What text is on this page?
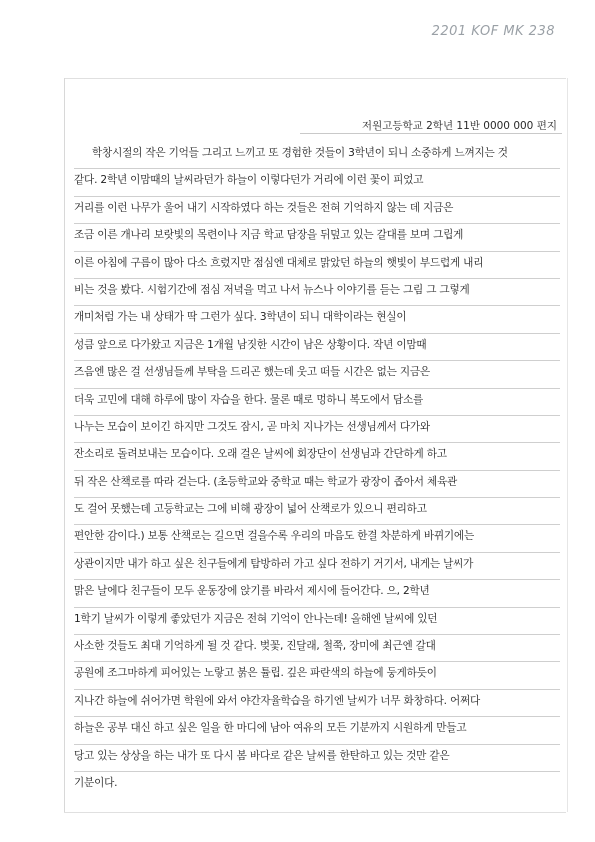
2201 KOF MK 238
저원고등학교 2학년 11반 0000 000 편지
학창시절의 작은 기억들 그리고 느끼고 또 경험한 것들이 3학년이 되니 소중하게 느껴지는 것
같다. 2학년 이맘때의 날씨라던가 하늘이 이렇다던가 거리에 이런 꽃이 피었고
거리를 이런 나무가 울어 내기 시작하였다 하는 것들은 전혀 기억하지 않는 데 지금은
조금 이른 개나리 보랏빛의 목련이나 지금 학교 담장을 뒤덮고 있는 갈대를 보며 그립게
이른 아침에 구름이 많아 다소 흐렸지만 점심엔 대체로 맑았던 하늘의 햇빛이 부드럽게 내리
비는 것을 봤다. 시험기간에 점심 저녁을 먹고 나서 뉴스나 이야기를 듣는 그림 그 그렇게
개미처럼 가는 내 상태가 딱 그런가 싶다. 3학년이 되니 대학이라는 현실이
성큼 앞으로 다가왔고 지금은 1개월 남짓한 시간이 남은 상황이다. 작년 이맘때
즈음엔 많은 걸 선생님들께 부탁을 드리곤 했는데 웃고 떠들 시간은 없는 지금은
더욱 고민에 대해 하루에 많이 자습을 한다. 물론 때로 멍하니 복도에서 담소를
나누는 모습이 보이긴 하지만 그것도 잠시, 곧 마치 지나가는 선생님께서 다가와
잔소리로 돌려보내는 모습이다. 오래 걸은 날씨에 회장단이 선생님과 간단하게 하고
뒤 작은 산책로를 따라 걷는다. (초등학교와 중학교 때는 학교가 광장이 좁아서 체육관
도 걸어 못했는데 고등학교는 그에 비해 광장이 넓어 산책로가 있으니 편리하고
편안한 감이다.) 보통 산책로는 길으면 걸을수록 우리의 마음도 한결 차분하게 바뀌기에는
상관이지만 내가 하고 싶은 친구들에게 탐방하러 가고 싶다 전하기 거기서, 내게는 날씨가
맑은 날에다 친구들이 모두 운동장에 앉기를 바라서 제시에 들어간다. 으, 2학년
1학기 날씨가 이렇게 좋았던가 지금은 전혀 기억이 안나는데! 올해엔 날씨에 있던
사소한 것들도 최대 기억하게 될 것 같다. 벚꽃, 진달래, 철쭉, 장미에 최근엔 갈대
공원에 조그마하게 피어있는 노랗고 붉은 튤립. 깊은 파란색의 하늘에 둥게하듯이
지나간 하늘에 쉬어가면 학원에 와서 야간자율학습을 하기엔 날씨가 너무 화창하다. 어쩌다
하늘은 공부 대신 하고 싶은 일을 한 마디에 남아 여유의 모든 기분까지 시원하게 만들고
당고 있는 상상을 하는 내가 또 다시 봄 바다로 같은 날씨를 한탄하고 있는 것만 같은
기분이다.
